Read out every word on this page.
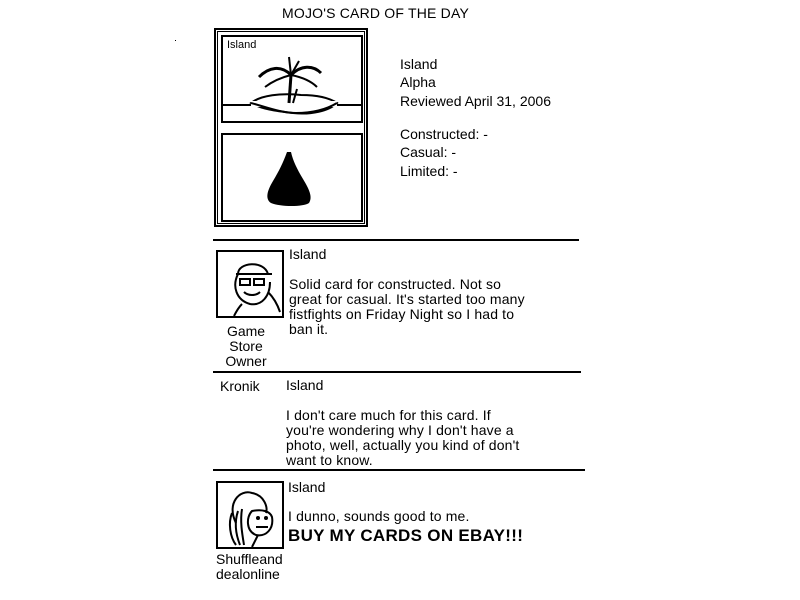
MOJO'S CARD OF THE DAY
Island
Island
Alpha
Reviewed April 31, 2006
Constructed: -
Casual: -
Limited: -
Game
Store
Owner
Island
Solid card for constructed. Not so
great for casual. It's started too many
fistfights on Friday Night so I had to
ban it.
Kronik Island
I don't care much for this card. If
you're wondering why I don't have a
photo, well, actually you kind of don't
want to know.
Shuffleand
dealonline
Island
I dunno, sounds good to me.
BUY MY CARDS ON EBAY!!!
